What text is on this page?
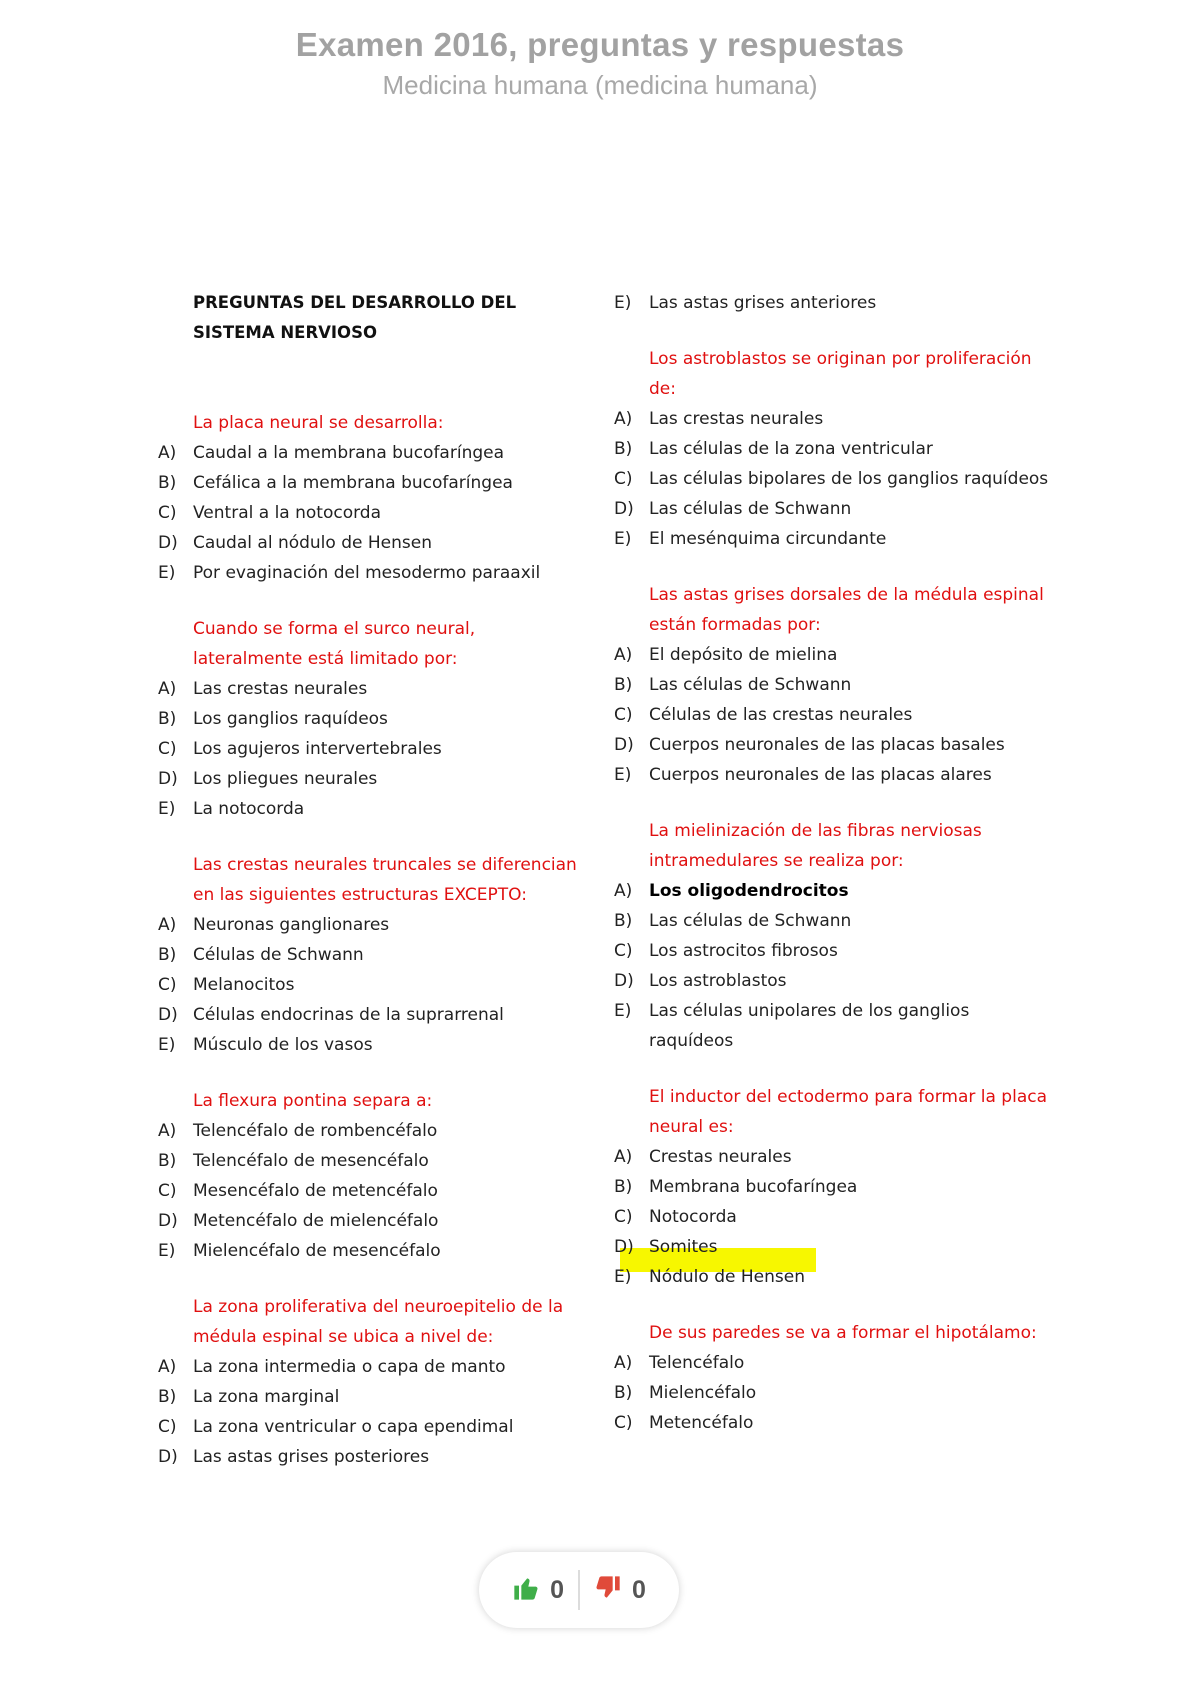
Examen 2016, preguntas y respuestas
Medicina humana (medicina humana)
PREGUNTAS DEL DESARROLLO DEL SISTEMA NERVIOSO
La placa neural se desarrolla:
A) Caudal a la membrana bucofaríngea
B) Cefálica a la membrana bucofaríngea
C) Ventral a la notocorda
D) Caudal al nódulo de Hensen
E)	Por evaginación del mesodermo paraaxil
Cuando se forma el surco neural, lateralmente está limitado por:
A) Las crestas neurales
B) Los ganglios raquídeos
C) Los agujeros intervertebrales
D) Los pliegues neurales
E)	La notocorda
Las crestas neurales truncales se diferencian en las siguientes estructuras EXCEPTO:
A) Neuronas ganglionares
B) Células de Schwann
C) Melanocitos
D) Células endocrinas de la suprarrenal
E)	Músculo de los vasos
La flexura pontina separa a:
A) Telencéfalo de rombencéfalo
B) Telencéfalo de mesencéfalo
C) Mesencéfalo de metencéfalo
D) Metencéfalo de mielencéfalo
E)	Mielencéfalo de mesencéfalo
La zona proliferativa del neuroepitelio de la médula espinal se ubica a nivel de:
A) La zona intermedia o capa de manto
B) La zona marginal
C) La zona ventricular o capa ependimal
D) Las astas grises posteriores
E)	Las astas grises anteriores
Los astroblastos se originan por proliferación de:
A) Las crestas neurales
B) Las células de la zona ventricular
C) Las células bipolares de los ganglios raquídeos
D) Las células de Schwann
E)	El mesénquima circundante
Las astas grises dorsales de la médula espinal están formadas por:
A) El depósito de mielina
B) Las células de Schwann
C) Células de las crestas neurales
D) Cuerpos neuronales de las placas basales
E)	Cuerpos neuronales de las placas alares
La mielinización de las fibras nerviosas intramedulares se realiza por:
A) Los oligodendrocitos
B) Las células de Schwann
C) Los astrocitos fibrosos
D) Los astroblastos
E)	Las células unipolares de los ganglios raquídeos
El inductor del ectodermo para formar la placa neural es:
A) Crestas neurales
B) Membrana bucofaríngea
C) Notocorda
D) Somites
E)	Nódulo de Hensen
De sus paredes se va a formar el hipotálamo:
A) Telencéfalo
B) Mielencéfalo
C) Metencéfalo
0	0
